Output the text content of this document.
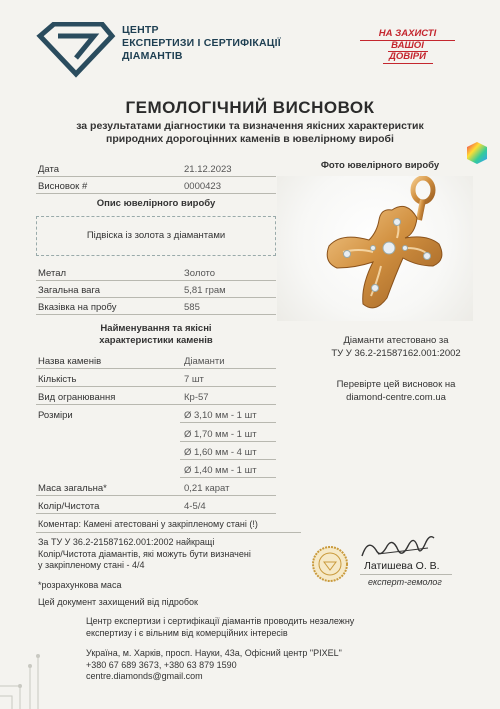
ЦЕНТР
ЕКСПЕРТИЗИ І СЕРТИФІКАЦІЇ
ДІАМАНТІВ
НА ЗАХИСТІ
ВАШОЇ
ДОВІРИ
ГЕМОЛОГІЧНИЙ ВИСНОВОК
за результатами діагностики та визначення якісних характеристик
природних дорогоцінних каменів в ювелірному виробі
Дата	21.12.2023
Висновок #	0000423
Опис ювелірного виробу
Підвіска із золота з діамантами
Метал	Золото
Загальна вага	5,81 грам
Вказівка на пробу	585
Найменування та якісні
характеристики каменів
Назва каменів	Діаманти
Кількість	7 шт
Вид огранювання	Кр-57
Розміри	Ø 3,10 мм - 1 шт
Ø 1,70 мм - 1 шт
Ø 1,60 мм - 4 шт
Ø 1,40 мм - 1 шт
Маса загальна*	0,21 карат
Колір/Чистота	4-5/4
Коментар: Камені атестовані у закріпленому стані (!)
За ТУ У 36.2-21587162.001:2002 найкращі
Колір/Чистота діамантів, які можуть бути визначені
у закріпленому стані - 4/4
*розрахункова маса
Цей документ захищений від підробок
Фото ювелірного виробу
Діаманти атестовано за
ТУ У 36.2-21587162.001:2002
Перевірте цей висновок на
diamond-centre.com.ua
Латишева О. В.
експерт-гемолог
Центр експертизи і сертифікації діамантів проводить незалежну
експертизу і є вільним від комерційних інтересів
Україна, м. Харків, просп. Науки, 43а, Офісний центр "PIXEL"
+380 67 689 3673, +380 63 879 1590
centre.diamonds@gmail.com
